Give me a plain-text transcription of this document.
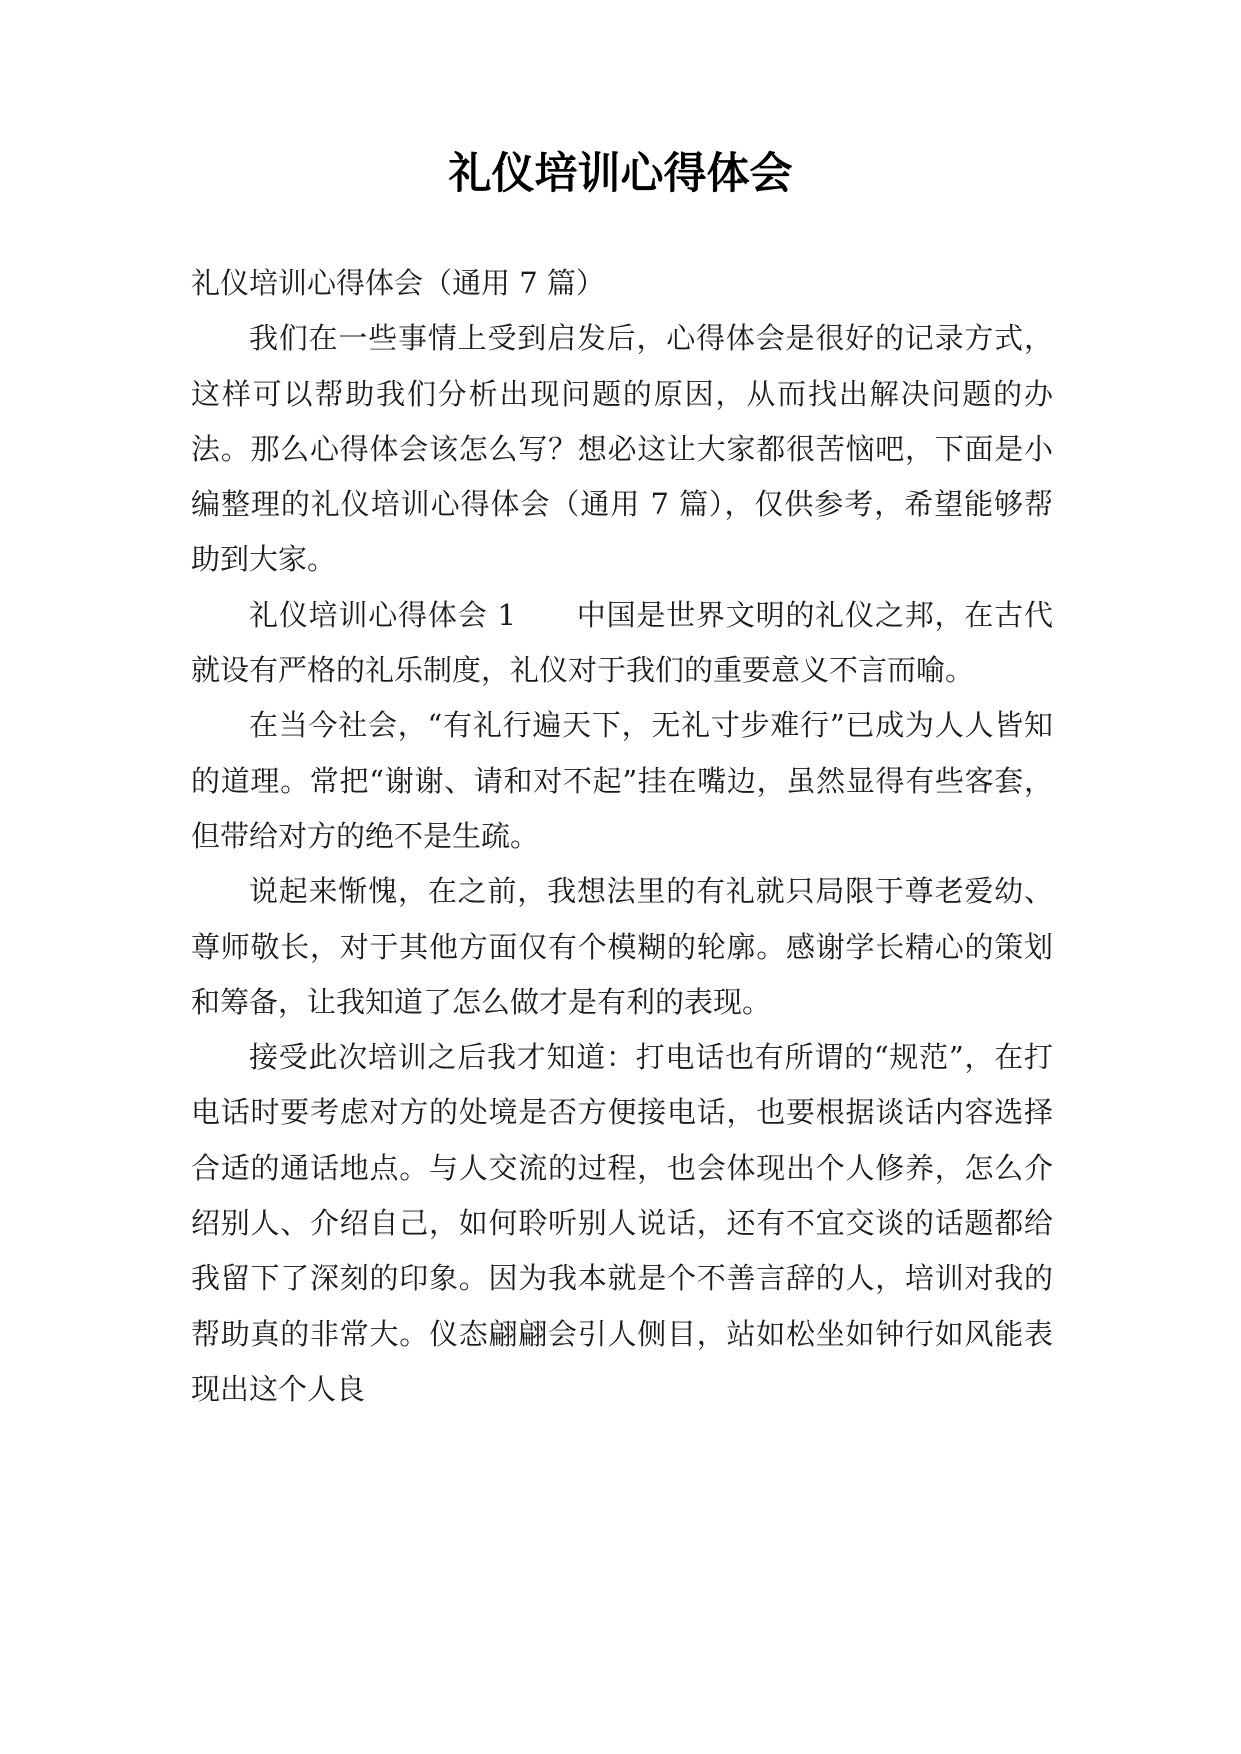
礼仪培训心得体会

礼仪培训心得体会（通用 7 篇）

我们在一些事情上受到启发后，心得体会是很好的记录方式，这样可以帮助我们分析出现问题的原因，从而找出解决问题的办法。那么心得体会该怎么写？想必这让大家都很苦恼吧，下面是小编整理的礼仪培训心得体会（通用 7 篇），仅供参考，希望能够帮助到大家。

礼仪培训心得体会 1 中国是世界文明的礼仪之邦，在古代就设有严格的礼乐制度，礼仪对于我们的重要意义不言而喻。

在当今社会，“有礼行遍天下，无礼寸步难行”已成为人人皆知的道理。常把“谢谢、请和对不起”挂在嘴边，虽然显得有些客套，但带给对方的绝不是生疏。

说起来惭愧，在之前，我想法里的有礼就只局限于尊老爱幼、尊师敬长，对于其他方面仅有个模糊的轮廓。感谢学长精心的策划和筹备，让我知道了怎么做才是有利的表现。

接受此次培训之后我才知道：打电话也有所谓的“规范”，在打电话时要考虑对方的处境是否方便接电话，也要根据谈话内容选择合适的通话地点。与人交流的过程，也会体现出个人修养，怎么介绍别人、介绍自己，如何聆听别人说话，还有不宜交谈的话题都给我留下了深刻的印象。因为我本就是个不善言辞的人，培训对我的帮助真的非常大。仪态翩翩会引人侧目，站如松坐如钟行如风能表现出这个人良
